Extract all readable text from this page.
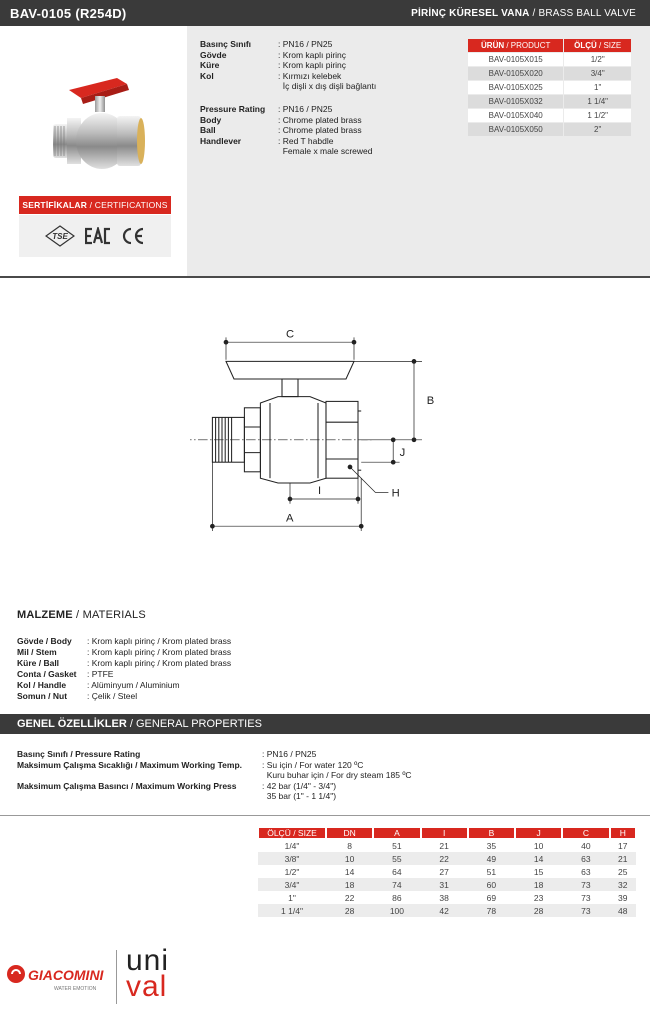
BAV-0105 (R254D)	PİRİNÇ KÜRESEL VANA / BRASS BALL VALVE
SERTİFİKALAR / CERTIFICATIONS
TSE
Basınç Sınıfı	: PN16 / PN25
Gövde	: Krom kaplı pirinç
Küre	: Krom kaplı pirinç
Kol	: Kırmızı kelebek
İç dişli x dış dişli bağlantı
Pressure Rating	: PN16 / PN25
Body	: Chrome plated brass
Ball	: Chrome plated brass
Handlever	: Red T habdle
Female x male screwed
ÜRÜN / PRODUCT	ÖLÇÜ / SIZE
BAV-0105X015	1/2"
BAV-0105X020	3/4"
BAV-0105X025	1"
BAV-0105X032	1 1/4"
BAV-0105X040	1 1/2"
BAV-0105X050	2"
C
B
J
I	H
A
MALZEME / MATERIALS
Gövde / Body	: Krom kaplı pirinç / Krom plated brass
Mil / Stem	: Krom kaplı pirinç / Krom plated brass
Küre / Ball	: Krom kaplı pirinç / Krom plated brass
Conta / Gasket	: PTFE
Kol / Handle	: Alüminyum / Aluminium
Somun / Nut	: Çelik / Steel
GENEL ÖZELLİKLER / GENERAL PROPERTIES
Basınç Sınıfı / Pressure Rating	: PN16 / PN25
Maksimum Çalışma Sıcaklığı / Maximum Working Temp.	: Su için / For water 120 ºC
Kuru buhar için / For dry steam 185 ºC
Maksimum Çalışma Basıncı / Maximum Working Press	: 42 bar (1/4" - 3/4")
35 bar (1" - 1 1/4")
ÖLÇÜ / SIZE	DN	A	I	B	J	C	H
1/4"	8	51	21	35	10	40	17
3/8"	10	55	22	49	14	63	21
1/2"	14	64	27	51	15	63	25
3/4"	18	74	31	60	18	73	32
1"	22	86	38	69	23	73	39
1 1/4"	28	100	42	78	28	73	48
GIACOMINI
WATER EMOTION
uni
val
